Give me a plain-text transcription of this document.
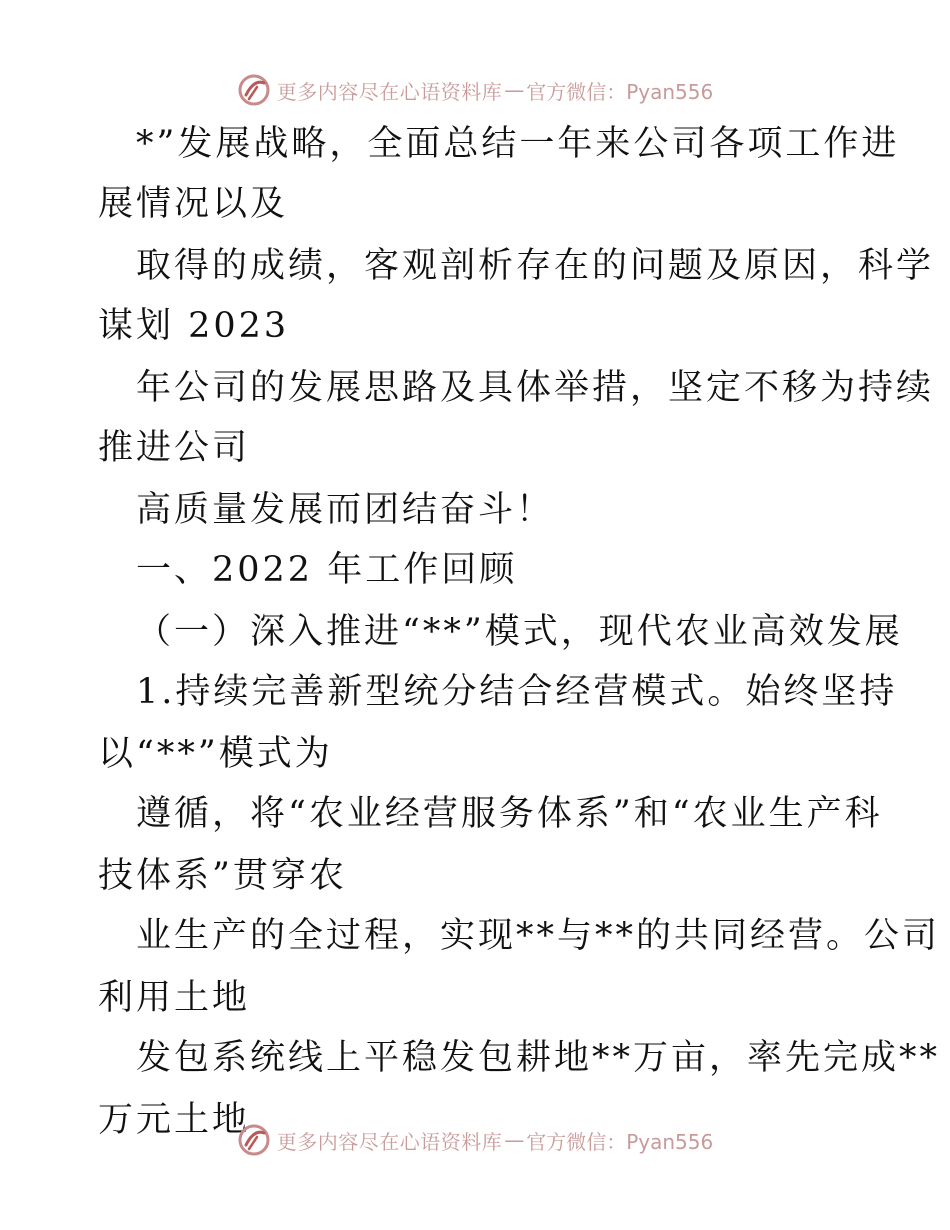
更多内容尽在心语资料库 — 官方微信：Pyan556
*”发展战略，全面总结一年来公司各项工作进
展情况以及
取得的成绩，客观剖析存在的问题及原因，科学
谋划 2023
年公司的发展思路及具体举措，坚定不移为持续
推进公司
高质量发展而团结奋斗！
一、2022 年工作回顾
（一）深入推进“**”模式，现代农业高效发展
1.持续完善新型统分结合经营模式。始终坚持
以“**”模式为
遵循，将“农业经营服务体系”和“农业生产科
技体系”贯穿农
业生产的全过程，实现**与**的共同经营。公司
利用土地
发包系统线上平稳发包耕地**万亩，率先完成**
万元土地
更多内容尽在心语资料库 — 官方微信：Pyan556
